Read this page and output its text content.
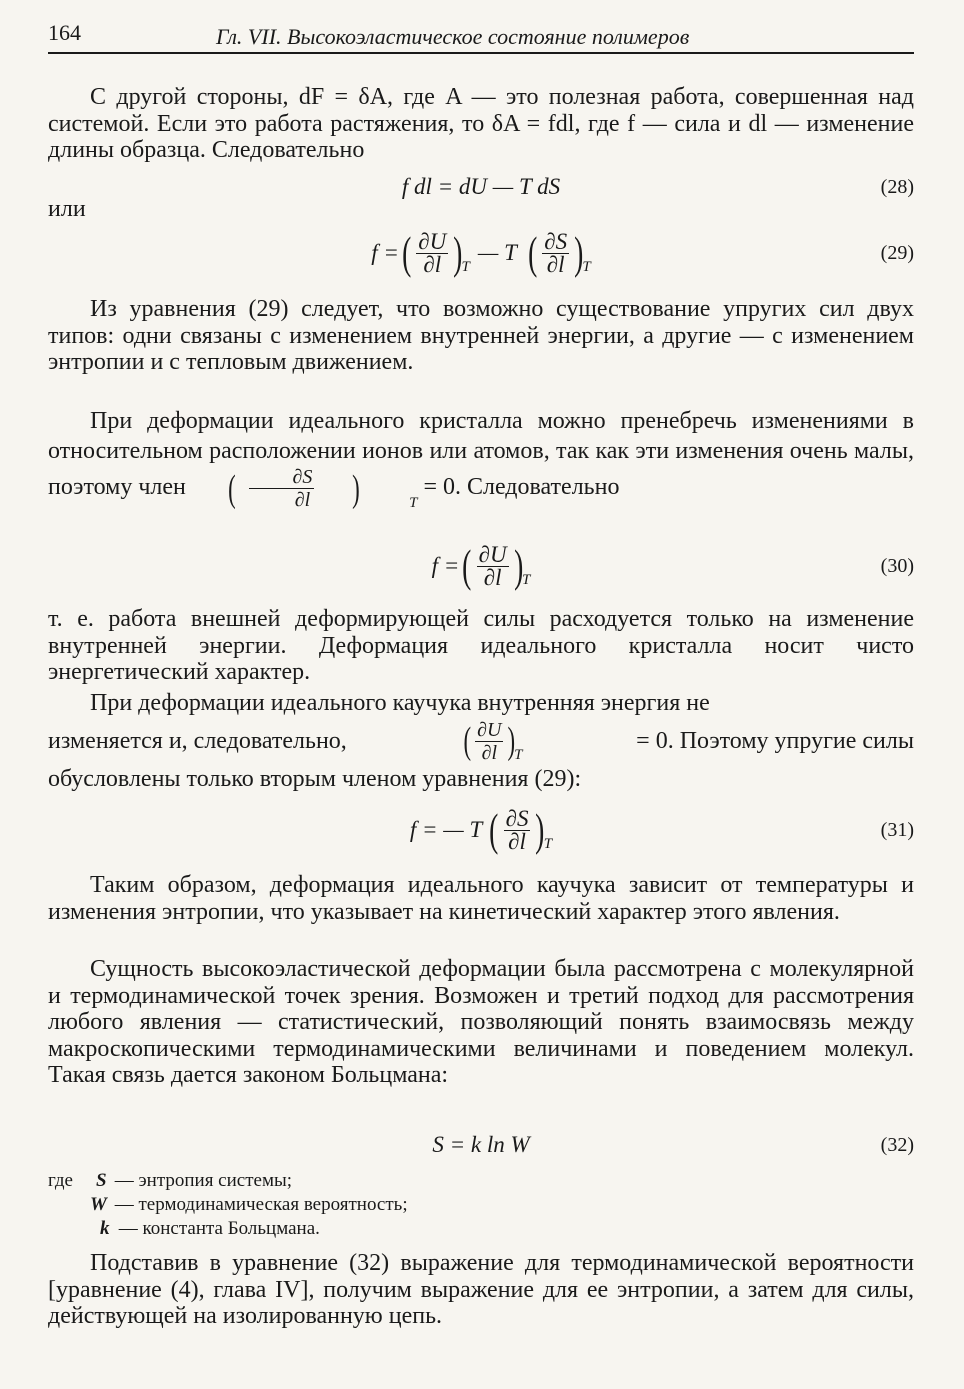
164	Гл. VII. Высокоэластическое состояние полимеров
С другой стороны, dF = δA, где A — это полезная работа, совершенная над системой. Если это работа растяжения, то δA = fdl, где f — сила и dl — изменение длины образца. Следовательно
f dl = dU — T dS	(28)
или
f = ( $\frac{\partial U}{\partial l}$ ) T
— T ( $\frac{\partial S}{\partial l}$ ) T
(29)
Из уравнения (29) следует, что возможно существование упругих сил двух типов: одни связаны с изменением внутренней энергии, а другие — с изменением энтропии и с тепловым движением.
При деформации идеального кристалла можно пренебречь изменениями в относительном расположении ионов или атомов, так как эти изменения очень малы, поэтому член	( $\frac{\partial S}{\partial l}$	)	T
= 0. Следовательно
f = ( $\frac{\partial U}{\partial l}$ ) T
(30)
т. е. работа внешней деформирующей силы расходуется только на изменение внутренней энергии. Деформация идеального кристалла носит чисто энергетический характер.
При деформации идеального каучука внутренняя энергия не
изменяется и, следовательно,	( $\frac{\partial U}{\partial l}$ )
T
= 0. Поэтому упругие силы
обусловлены только вторым членом уравнения (29):
f = — T ( $\frac{\partial S}{\partial l}$ ) T
(31)
Таким образом, деформация идеального каучука зависит от температуры и изменения энтропии, что указывает на кинетический характер этого явления.
Сущность высокоэластической деформации была рассмотрена с молекулярной и термодинамической точек зрения. Возможен и третий подход для рассмотрения любого явления — статистический, позволяющий понять взаимосвязь между макроскопическими термодинамическими величинами и поведением молекул. Такая связь дается законом Больцмана:
S = k ln W	(32)
где S — энтропия системы;
W — термодинамическая вероятность;
k — константа Больцмана.
Подставив в уравнение (32) выражение для термодинамической вероятности [уравнение (4), глава IV], получим выражение для ее энтропии, а затем для силы, действующей на изолированную цепь.
